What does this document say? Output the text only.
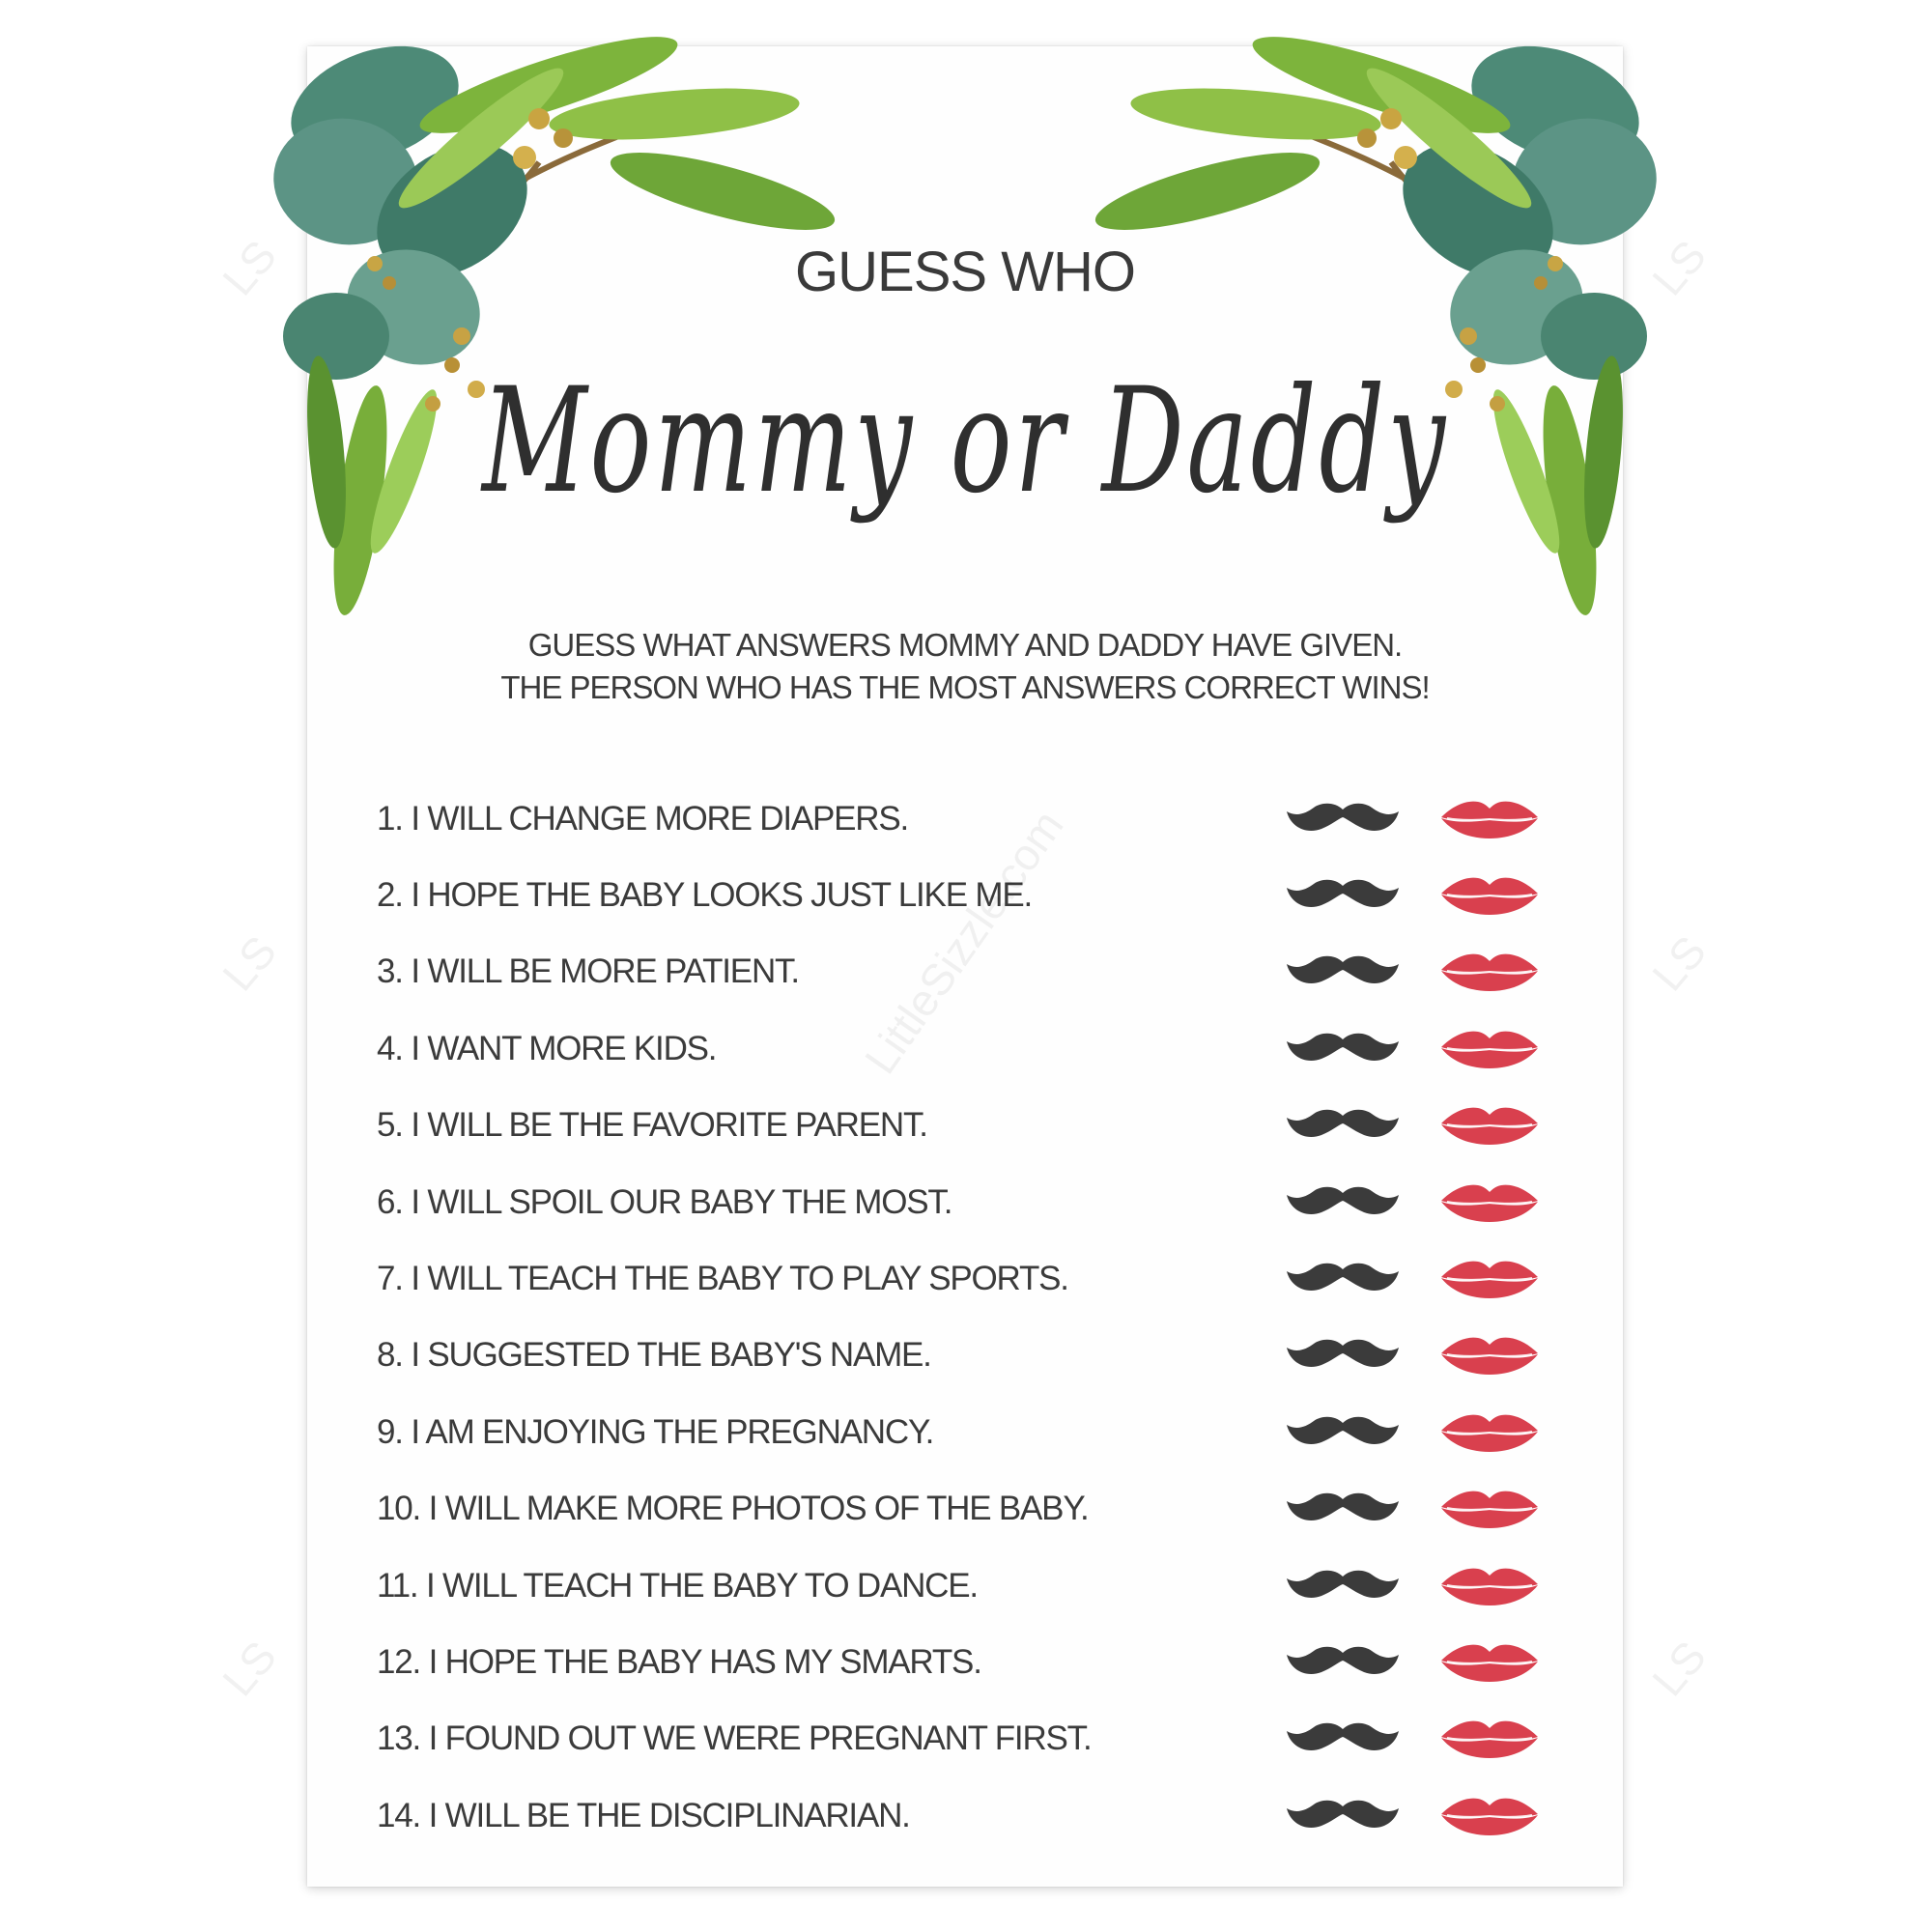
LS	LS
LS	LS
LS	LS
GUESS WHO
Mommy or Daddy
GUESS WHAT ANSWERS MOMMY AND DADDY HAVE GIVEN.
THE PERSON WHO HAS THE MOST ANSWERS CORRECT WINS!
1. I WILL CHANGE MORE DIAPERS.
2. I HOPE THE BABY LOOKS JUST LIKE ME.
3. I WILL BE MORE PATIENT.
4. I WANT MORE KIDS.
5. I WILL BE THE FAVORITE PARENT.
6. I WILL SPOIL OUR BABY THE MOST.
7. I WILL TEACH THE BABY TO PLAY SPORTS.
8. I SUGGESTED THE BABY'S NAME.
9. I AM ENJOYING THE PREGNANCY.
10. I WILL MAKE MORE PHOTOS OF THE BABY.
11. I WILL TEACH THE BABY TO DANCE.
12. I HOPE THE BABY HAS MY SMARTS.
13. I FOUND OUT WE WERE PREGNANT FIRST.
14. I WILL BE THE DISCIPLINARIAN.
LittleSizzle.com
